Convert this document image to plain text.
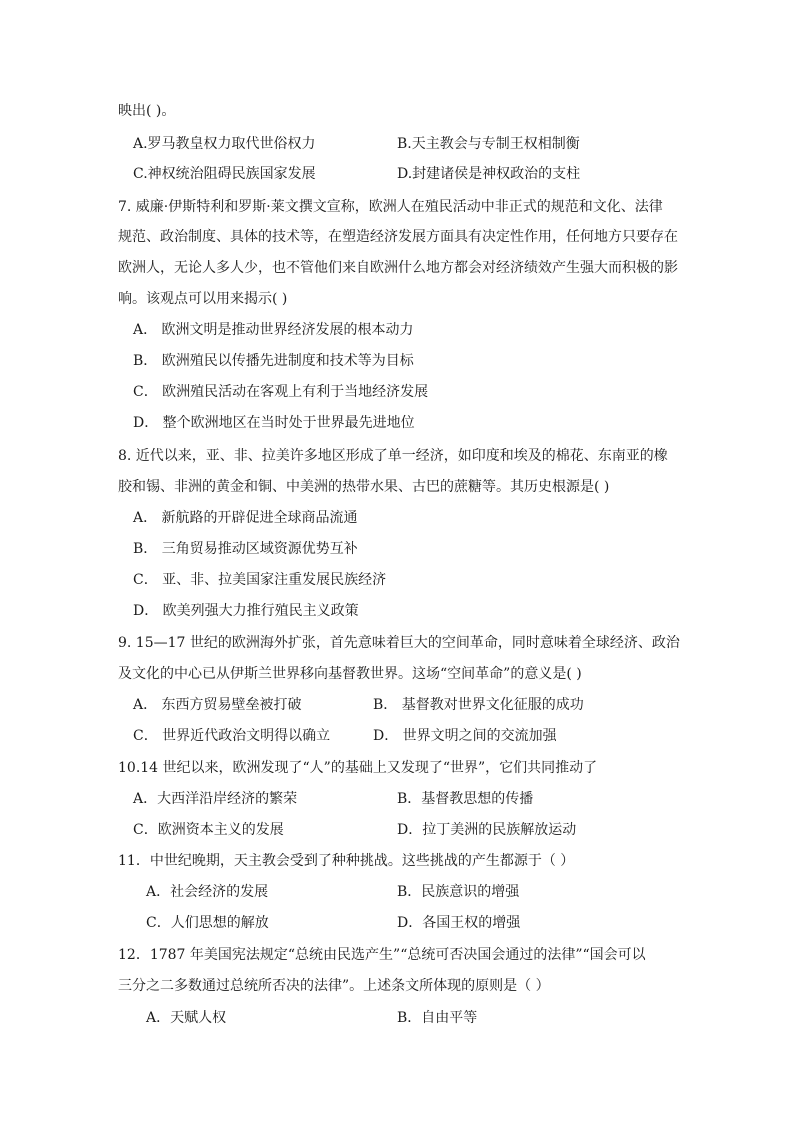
映出( )。
A.罗马教皇权力取代世俗权力	B.天主教会与专制王权相制衡
C.神权统治阻碍民族国家发展	D.封建诸侯是神权政治的支柱
7. 威廉·伊斯特利和罗斯·莱文撰文宣称，欧洲人在殖民活动中非正式的规范和文化、法律
规范、政治制度、具体的技术等，在塑造经济发展方面具有决定性作用，任何地方只要存在
欧洲人，无论人多人少，也不管他们来自欧洲什么地方都会对经济绩效产生强大而积极的影
响。该观点可以用来揭示( )
A． 欧洲文明是推动世界经济发展的根本动力
B． 欧洲殖民以传播先进制度和技术等为目标
C． 欧洲殖民活动在客观上有利于当地经济发展
D． 整个欧洲地区在当时处于世界最先进地位
8. 近代以来，亚、非、拉美许多地区形成了单一经济，如印度和埃及的棉花、东南亚的橡
胶和锡、非洲的黄金和铜、中美洲的热带水果、古巴的蔗糖等。其历史根源是( )
A． 新航路的开辟促进全球商品流通
B． 三角贸易推动区域资源优势互补
C． 亚、非、拉美国家注重发展民族经济
D． 欧美列强大力推行殖民主义政策
9. 15—17 世纪的欧洲海外扩张，首先意味着巨大的空间革命，同时意味着全球经济、政治
及文化的中心已从伊斯兰世界移向基督教世界。这场“空间革命”的意义是( )
A． 东西方贸易壁垒被打破	B． 基督教对世界文化征服的成功
C． 世界近代政治文明得以确立	D． 世界文明之间的交流加强
10.14 世纪以来，欧洲发现了“人”的基础上又发现了“世界”，它们共同推动了
A．大西洋沿岸经济的繁荣	B．基督教思想的传播
C．欧洲资本主义的发展	D．拉丁美洲的民族解放运动
11．中世纪晚期，天主教会受到了种种挑战。这些挑战的产生都源于（ ）
A．社会经济的发展	B．民族意识的增强
C．人们思想的解放	D．各国王权的增强
12．1787 年美国宪法规定“总统由民选产生”“总统可否决国会通过的法律”“国会可以
三分之二多数通过总统所否决的法律”。上述条文所体现的原则是（ ）
A．天赋人权	B．自由平等
